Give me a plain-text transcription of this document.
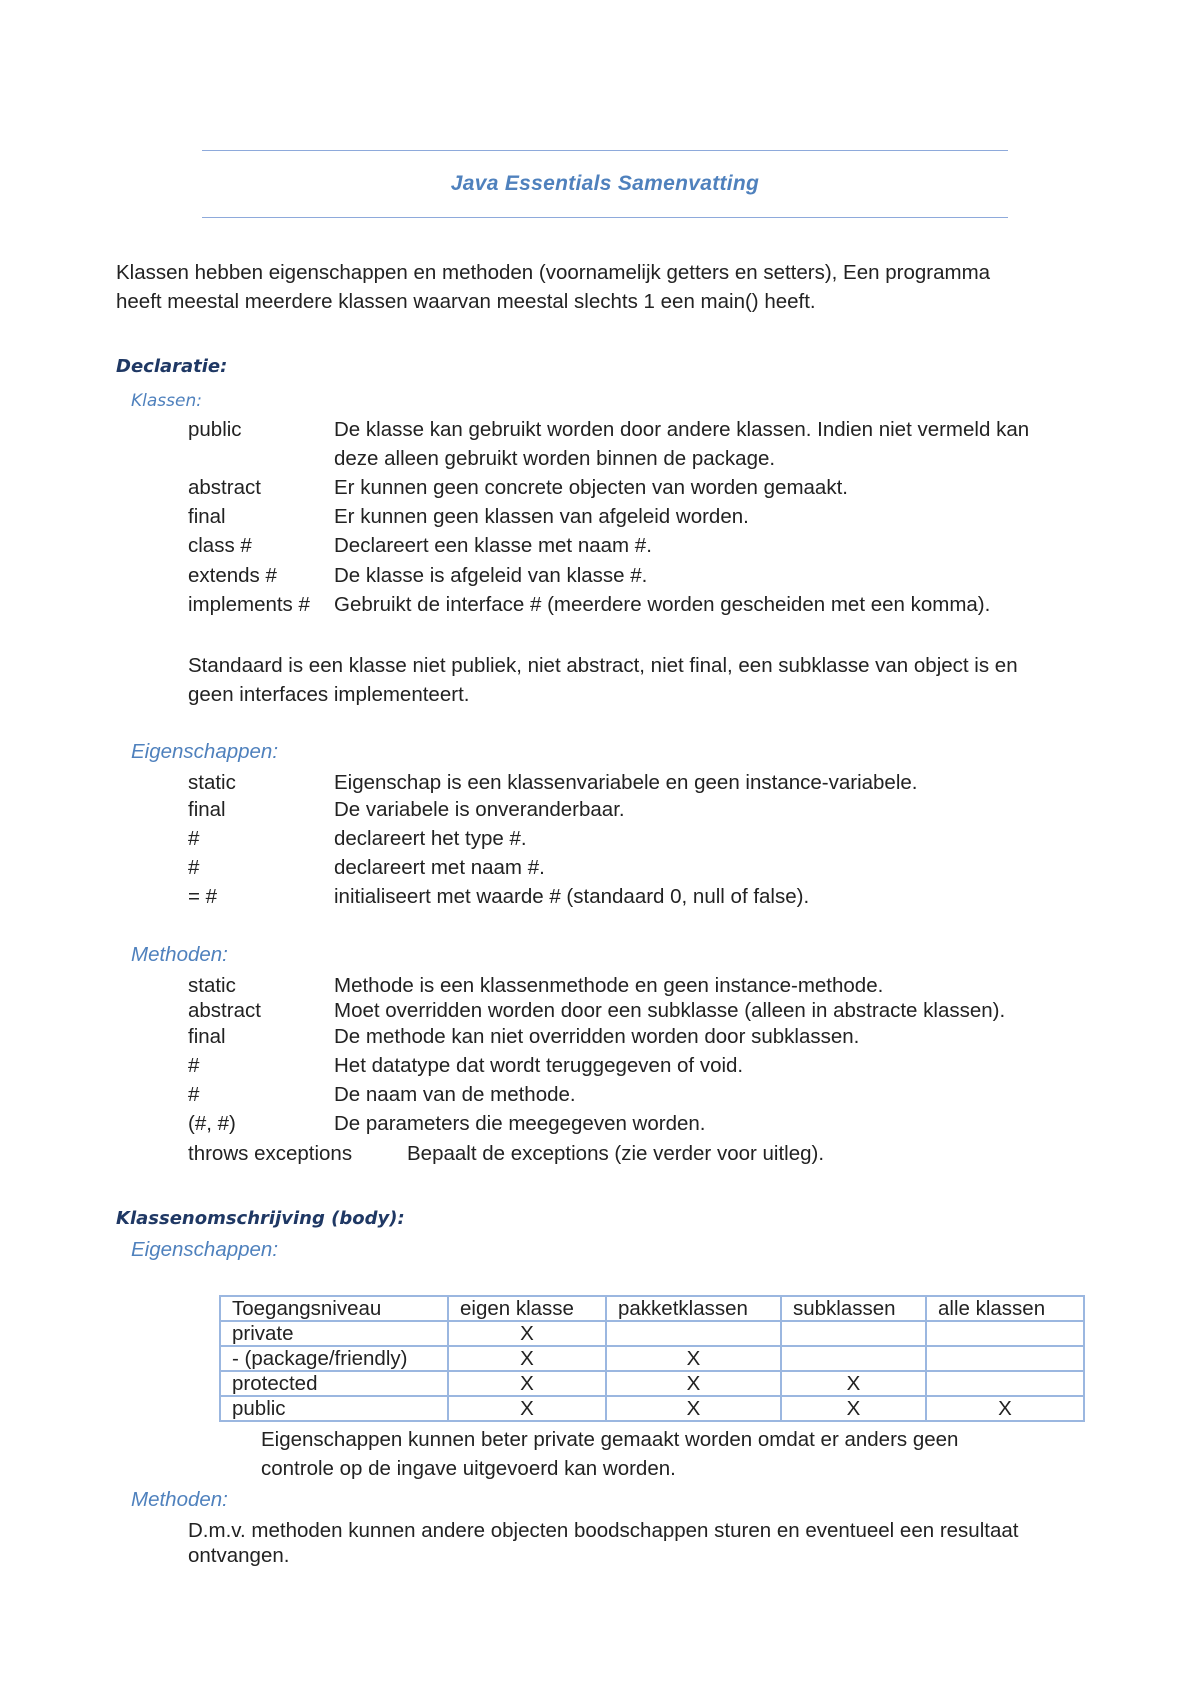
Java Essentials Samenvatting
Klassen hebben eigenschappen en methoden (voornamelijk getters en setters), Een programma
heeft meestal meerdere klassen waarvan meestal slechts 1 een main() heeft.
Declaratie:
Klassen:
public	De klasse kan gebruikt worden door andere klassen. Indien niet vermeld kan
deze alleen gebruikt worden binnen de package.
abstract	Er kunnen geen concrete objecten van worden gemaakt.
final	Er kunnen geen klassen van afgeleid worden.
class #	Declareert een klasse met naam #.
extends #	De klasse is afgeleid van klasse #.
implements # Gebruikt de interface # (meerdere worden gescheiden met een komma).
Standaard is een klasse niet publiek, niet abstract, niet final, een subklasse van object is en
geen interfaces implementeert.
Eigenschappen:
static	Eigenschap is een klassenvariabele en geen instance-variabele.
final	De variabele is onveranderbaar.
#	declareert het type #.
#	declareert met naam #.
= #	initialiseert met waarde # (standaard 0, null of false).
Methoden:
static	Methode is een klassenmethode en geen instance-methode.
abstract	Moet overridden worden door een subklasse (alleen in abstracte klassen).
final	De methode kan niet overridden worden door subklassen.
#	Het datatype dat wordt teruggegeven of void.
#	De naam van de methode.
(#, #)	De parameters die meegegeven worden.
throws exceptions	Bepaalt de exceptions (zie verder voor uitleg).
Klassenomschrijving (body):
Eigenschappen:
Toegangsniveau	eigen klasse	pakketklassen	subklassen	alle klassen
private	X			
- (package/friendly)	X	X		
protected	X	X	X	
public	X	X	X	X
Eigenschappen kunnen beter private gemaakt worden omdat er anders geen
controle op de ingave uitgevoerd kan worden.
Methoden:
D.m.v. methoden kunnen andere objecten boodschappen sturen en eventueel een resultaat
ontvangen.
